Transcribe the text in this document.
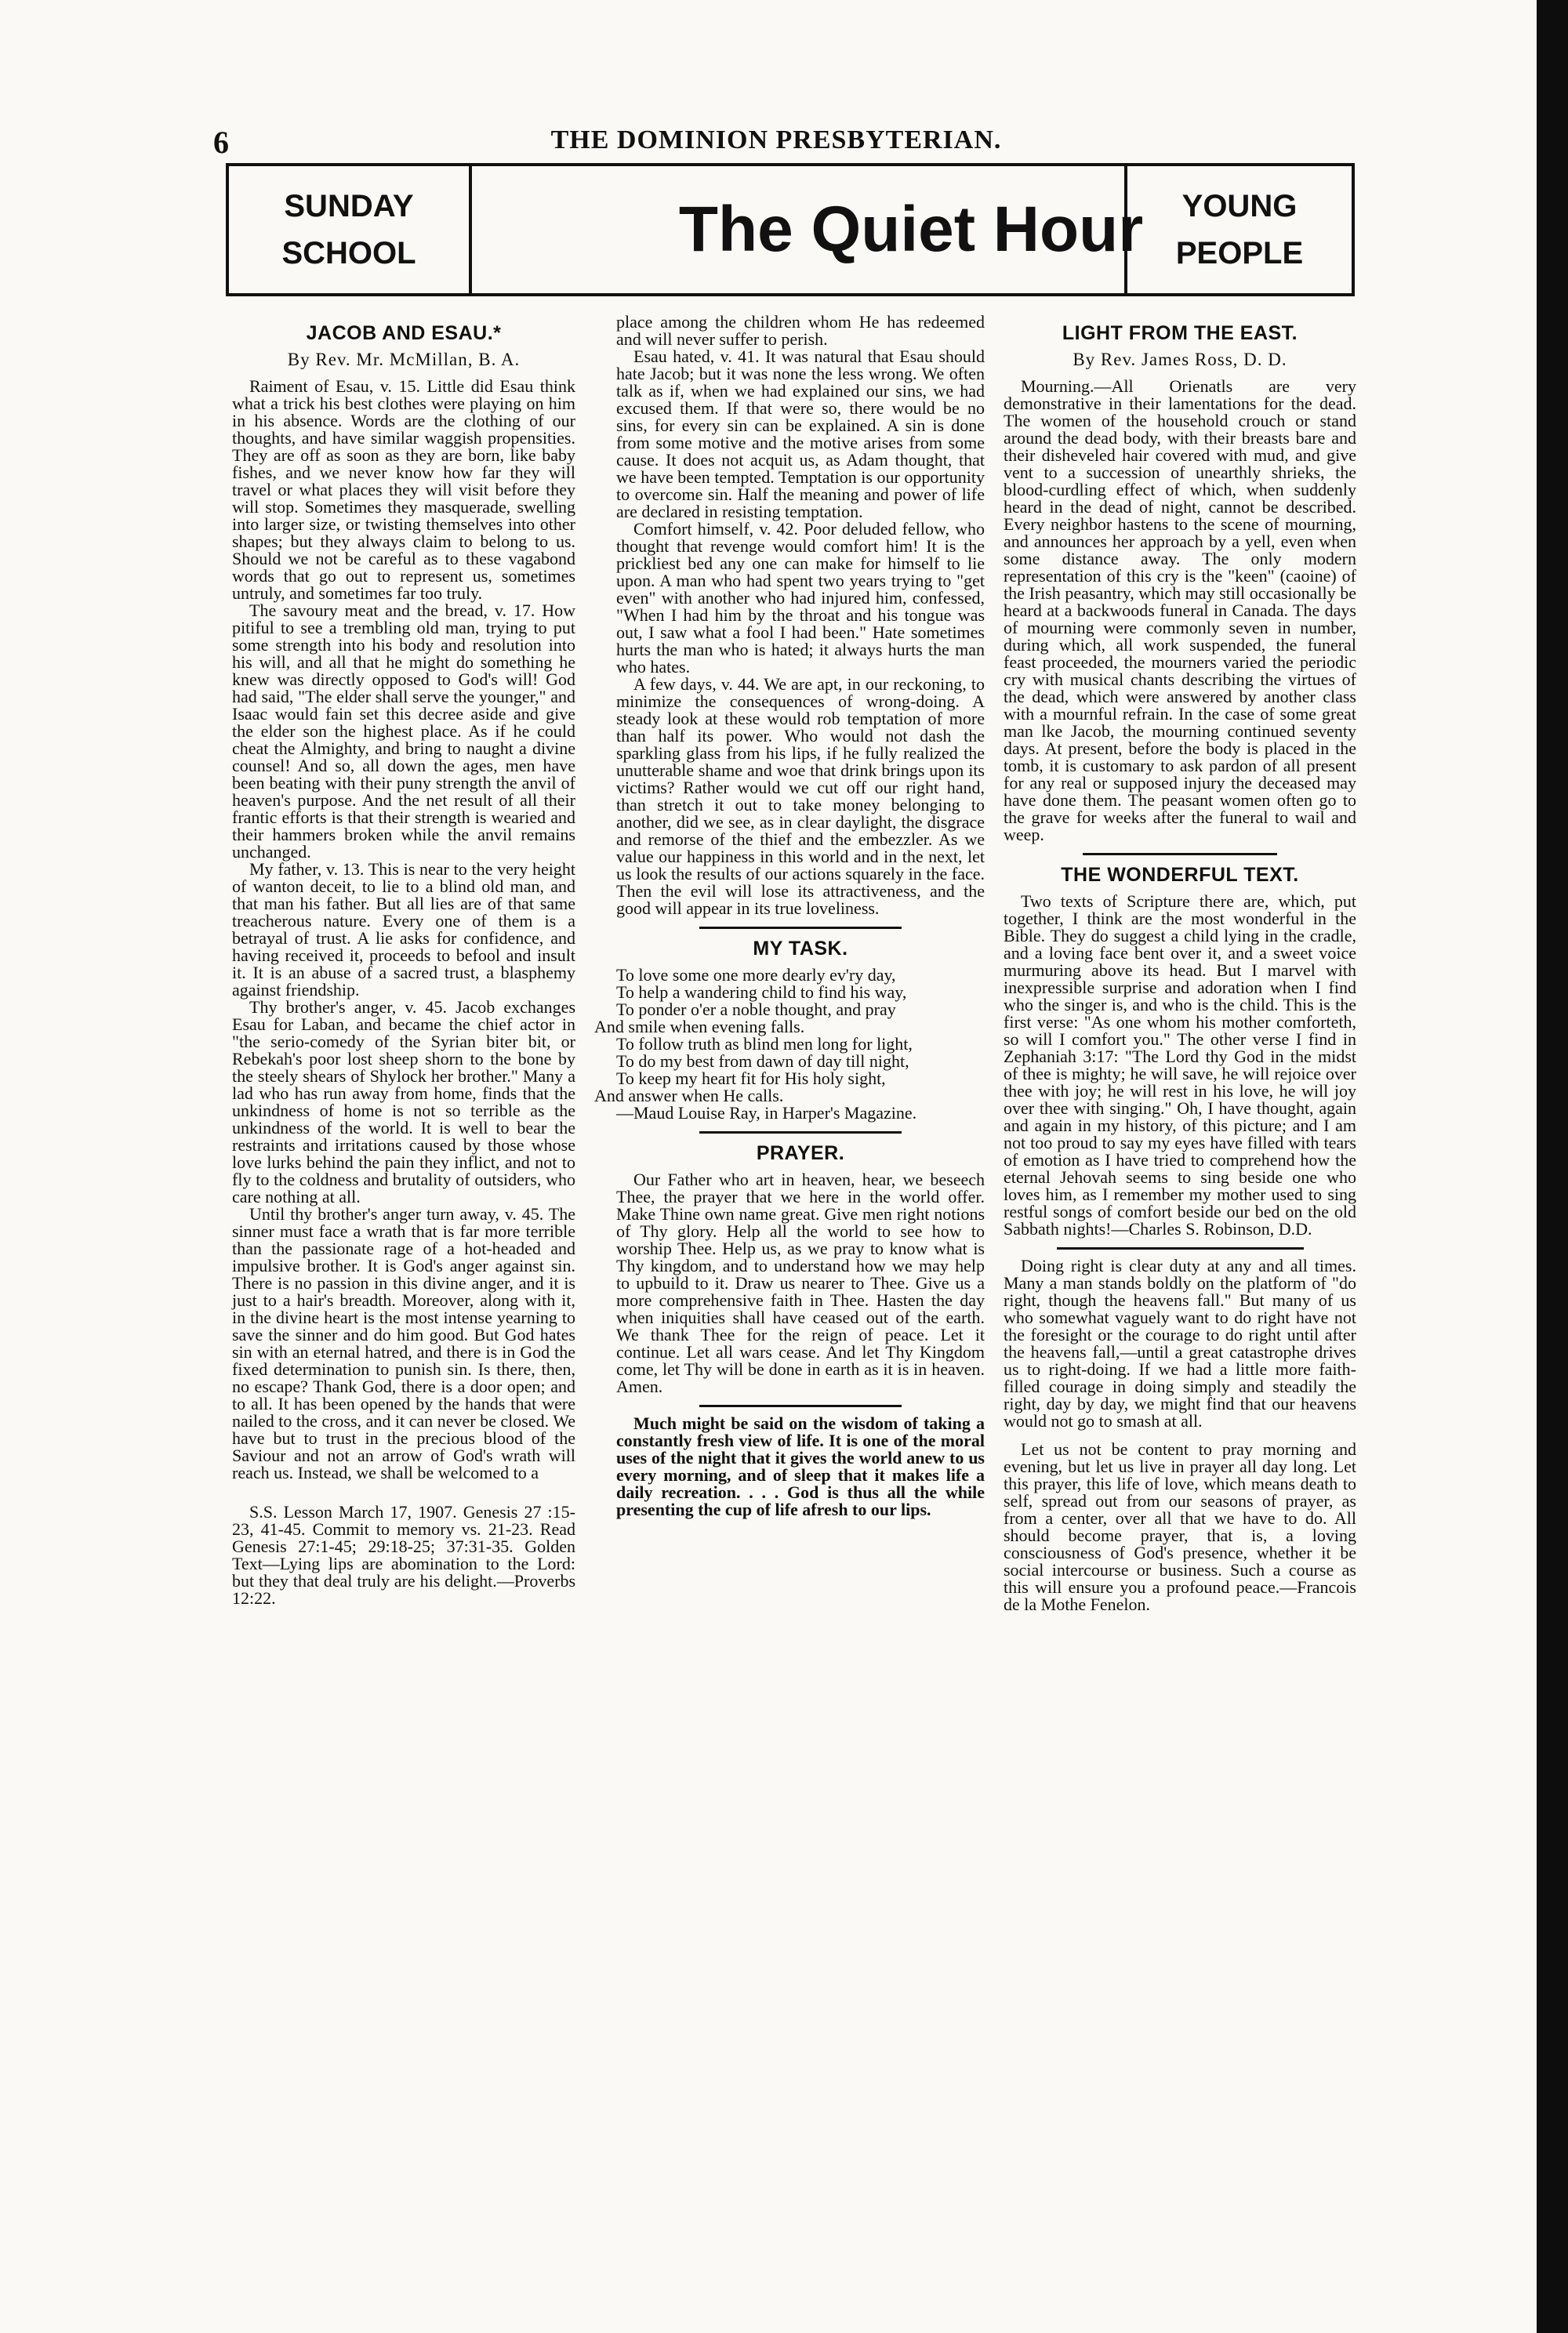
6	THE DOMINION PRESBYTERIAN.
SUNDAY
SCHOOL	The Quiet Hour YOUNG
PEOPLE
JACOB AND ESAU.*
By Rev. Mr. McMillan, B. A.

Raiment of Esau, v. 15. Little did Esau think what a trick his best clothes were playing on him in his absence. Words are the clothing of our thoughts, and have similar waggish propensities. They are off as soon as they are born, like baby fishes, and we never know how far they will travel or what places they will visit before they will stop. Sometimes they masquerade, swelling into larger size, or twisting themselves into other shapes; but they always claim to belong to us. Should we not be careful as to these vagabond words that go out to represent us, sometimes untruly, and sometimes far too truly.

The savoury meat and the bread, v. 17. How pitiful to see a trembling old man, trying to put some strength into his body and resolution into his will, and all that he might do something he knew was directly opposed to God's will! God had said, "The elder shall serve the younger," and Isaac would fain set this decree aside and give the elder son the highest place. As if he could cheat the Almighty, and bring to naught a divine counsel! And so, all down the ages, men have been beating with their puny strength the anvil of heaven's purpose. And the net result of all their frantic efforts is that their strength is wearied and their hammers broken while the anvil remains unchanged.

My father, v. 13. This is near to the very height of wanton deceit, to lie to a blind old man, and that man his father. But all lies are of that same treacherous nature. Every one of them is a betrayal of trust. A lie asks for confidence, and having received it, proceeds to befool and insult it. It is an abuse of a sacred trust, a blasphemy against friendship.

Thy brother's anger, v. 45. Jacob exchanges Esau for Laban, and became the chief actor in "the serio-comedy of the Syrian biter bit, or Rebekah's poor lost sheep shorn to the bone by the steely shears of Shylock her brother." Many a lad who has run away from home, finds that the unkindness of home is not so terrible as the unkindness of the world. It is well to bear the restraints and irritations caused by those whose love lurks behind the pain they inflict, and not to fly to the coldness and brutality of outsiders, who care nothing at all.

Until thy brother's anger turn away, v. 45. The sinner must face a wrath that is far more terrible than the passionate rage of a hot-headed and impulsive brother. It is God's anger against sin. There is no passion in this divine anger, and it is just to a hair's breadth. Moreover, along with it, in the divine heart is the most intense yearning to save the sinner and do him good. But God hates sin with an eternal hatred, and there is in God the fixed determination to punish sin. Is there, then, no escape? Thank God, there is a door open; and to all. It has been opened by the hands that were nailed to the cross, and it can never be closed. We have but to trust in the precious blood of the Saviour and not an arrow of God's wrath will reach us. Instead, we shall be welcomed to a

S.S. Lesson March 17, 1907. Genesis 27 :15-23, 41-45. Commit to memory vs. 21-23. Read Genesis 27:1-45; 29:18-25; 37:31-35. Golden Text—Lying lips are abomination to the Lord: but they that deal truly are his delight.—Proverbs 12:22.

place among the children whom He has redeemed and will never suffer to perish.

Esau hated, v. 41. It was natural that Esau should hate Jacob; but it was none the less wrong. We often talk as if, when we had explained our sins, we had excused them. If that were so, there would be no sins, for every sin can be explained. A sin is done from some motive and the motive arises from some cause. It does not acquit us, as Adam thought, that we have been tempted. Temptation is our opportunity to overcome sin. Half the meaning and power of life are declared in resisting temptation.

Comfort himself, v. 42. Poor deluded fellow, who thought that revenge would comfort him! It is the prickliest bed any one can make for himself to lie upon. A man who had spent two years trying to "get even" with another who had injured him, confessed, "When I had him by the throat and his tongue was out, I saw what a fool I had been." Hate sometimes hurts the man who is hated; it always hurts the man who hates.

A few days, v. 44. We are apt, in our reckoning, to minimize the consequences of wrong-doing. A steady look at these would rob temptation of more than half its power. Who would not dash the sparkling glass from his lips, if he fully realized the unutterable shame and woe that drink brings upon its victims? Rather would we cut off our right hand, than stretch it out to take money belonging to another, did we see, as in clear daylight, the disgrace and remorse of the thief and the embezzler. As we value our happiness in this world and in the next, let us look the results of our actions squarely in the face. Then the evil will lose its attractiveness, and the good will appear in its true loveliness.

MY TASK.
To love some one more dearly ev'ry day,
To help a wandering child to find his way,
To ponder o'er a noble thought, and pray
And smile when evening falls.
To follow truth as blind men long for light,
To do my best from dawn of day till night,
To keep my heart fit for His holy sight,
And answer when He calls.
—Maud Louise Ray, in Harper's Magazine.
PRAYER.

Our Father who art in heaven, hear, we beseech Thee, the prayer that we here in the world offer. Make Thine own name great. Give men right notions of Thy glory. Help all the world to see how to worship Thee. Help us, as we pray to know what is Thy kingdom, and to understand how we may help to upbuild to it. Draw us nearer to Thee. Give us a more comprehensive faith in Thee. Hasten the day when iniquities shall have ceased out of the earth. We thank Thee for the reign of peace. Let it continue. Let all wars cease. And let Thy Kingdom come, let Thy will be done in earth as it is in heaven. Amen.

Much might be said on the wisdom of taking a constantly fresh view of life. It is one of the moral uses of the night that it gives the world anew to us every morning, and of sleep that it makes life a daily recreation. . . . God is thus all the while presenting the cup of life afresh to our lips.

LIGHT FROM THE EAST.
By Rev. James Ross, D. D.

Mourning.—All Orienatls are very demonstrative in their lamentations for the dead. The women of the household crouch or stand around the dead body, with their breasts bare and their disheveled hair covered with mud, and give vent to a succession of unearthly shrieks, the blood-curdling effect of which, when suddenly heard in the dead of night, cannot be described. Every neighbor hastens to the scene of mourning, and announces her approach by a yell, even when some distance away. The only modern representation of this cry is the "keen" (caoine) of the Irish peasantry, which may still occasionally be heard at a backwoods funeral in Canada. The days of mourning were commonly seven in number, during which, all work suspended, the funeral feast proceeded, the mourners varied the periodic cry with musical chants describing the virtues of the dead, which were answered by another class with a mournful refrain. In the case of some great man lke Jacob, the mourning continued seventy days. At present, before the body is placed in the tomb, it is customary to ask pardon of all present for any real or supposed injury the deceased may have done them. The peasant women often go to the grave for weeks after the funeral to wail and weep.

THE WONDERFUL TEXT.

Two texts of Scripture there are, which, put together, I think are the most wonderful in the Bible. They do suggest a child lying in the cradle, and a loving face bent over it, and a sweet voice murmuring above its head. But I marvel with inexpressible surprise and adoration when I find who the singer is, and who is the child. This is the first verse: "As one whom his mother comforteth, so will I comfort you." The other verse I find in Zephaniah 3:17: "The Lord thy God in the midst of thee is mighty; he will save, he will rejoice over thee with joy; he will rest in his love, he will joy over thee with singing." Oh, I have thought, again and again in my history, of this picture; and I am not too proud to say my eyes have filled with tears of emotion as I have tried to comprehend how the eternal Jehovah seems to sing beside one who loves him, as I remember my mother used to sing restful songs of comfort beside our bed on the old Sabbath nights!—Charles S. Robinson, D.D.

Doing right is clear duty at any and all times. Many a man stands boldly on the platform of "do right, though the heavens fall." But many of us who somewhat vaguely want to do right have not the foresight or the courage to do right until after the heavens fall,—until a great catastrophe drives us to right-doing. If we had a little more faith-filled courage in doing simply and steadily the right, day by day, we might find that our heavens would not go to smash at all.

Let us not be content to pray morning and evening, but let us live in prayer all day long. Let this prayer, this life of love, which means death to self, spread out from our seasons of prayer, as from a center, over all that we have to do. All should become prayer, that is, a loving consciousness of God's presence, whether it be social intercourse or business. Such a course as this will ensure you a profound peace.—Francois de la Mothe Fenelon.
